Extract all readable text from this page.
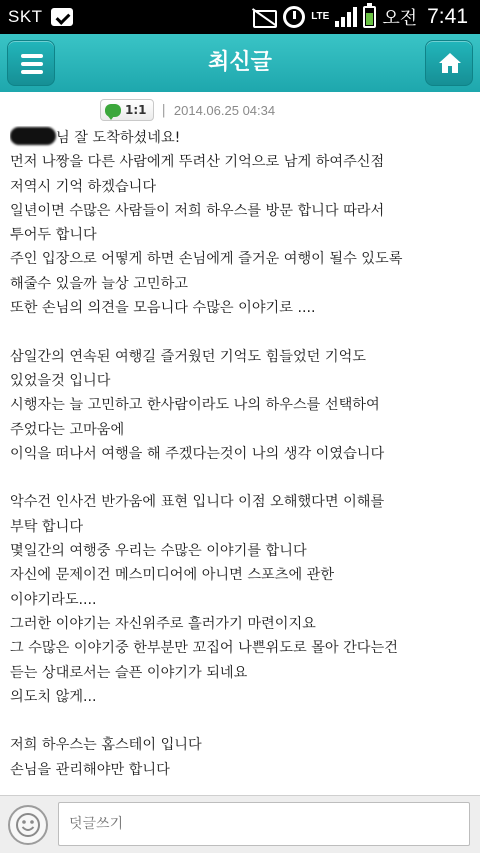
SKT	LTE	오전 7:41
최신글
1:1 | 2014.06.25 04:34

님 잘 도착하셨네요!

먼저 나짱을 다른 사람에게 뚜려산 기억으로 남게 하여주신점

저역시 기억 하겠습니다

일년이면 수많은 사람들이 저희 하우스를 방문 합니다 따라서

투어두 합니다

주인 입장으로 어떻게 하면 손님에게 즐거운 여행이 될수 있도록

해줄수 있을까 늘상 고민하고

또한 손님의 의견을 모음니다 수많은 이야기로 ....

삼일간의 연속된 여행길 즐거웠던 기억도 힘들었던 기억도

있었을것 입니다

시행자는 늘 고민하고 한사람이라도 나의 하우스를 선택하여

주었다는 고마움에

이익을 떠나서 여행을 해 주겠다는것이 나의 생각 이였습니다

악수건 인사건 반가움에 표현 입니다 이점 오해했다면 이해를

부탁 합니다

몇일간의 여행중 우리는 수많은 이야기를 합니다

자신에 문제이건 메스미디어에 아니면 스포츠에 관한

이야기라도....

그러한 이야기는 자신위주로 흘러가기 마련이지요

그 수많은 이야기중 한부분만 꼬집어 나쁜위도로 몰아 간다는건

듣는 상대로서는 슬픈 이야기가 되네요

의도치 않게...

저희 하우스는 홈스테이 입니다

손님을 관리해야만 합니다

덧글쓰기
